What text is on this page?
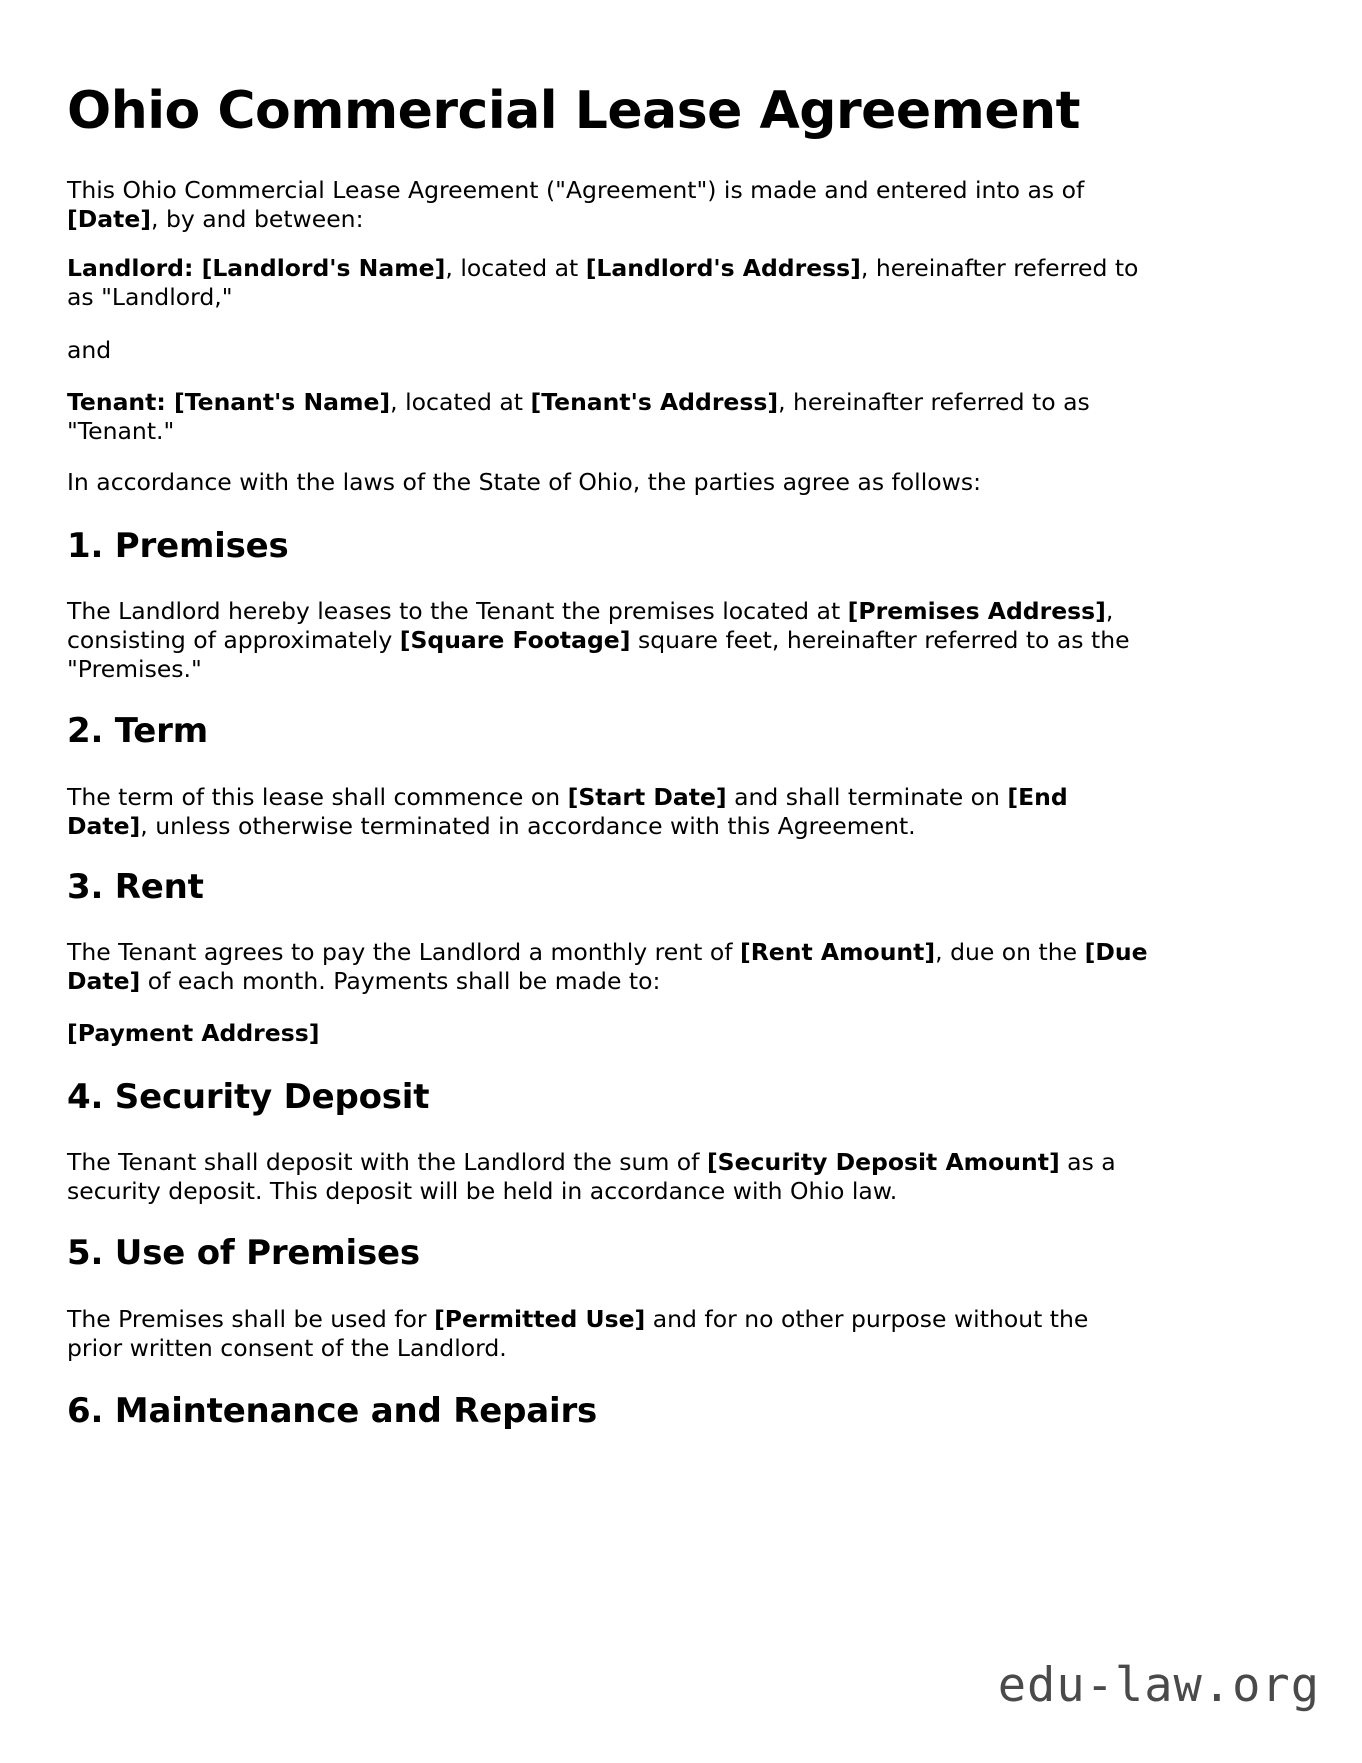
Ohio Commercial Lease Agreement

This Ohio Commercial Lease Agreement ("Agreement") is made and entered into as of [Date], by and between:

Landlord: [Landlord's Name], located at [Landlord's Address], hereinafter referred to as "Landlord,"

and

Tenant: [Tenant's Name], located at [Tenant's Address], hereinafter referred to as "Tenant."

In accordance with the laws of the State of Ohio, the parties agree as follows:

1. Premises

The Landlord hereby leases to the Tenant the premises located at [Premises Address], consisting of approximately [Square Footage] square feet, hereinafter referred to as the "Premises."

2. Term

The term of this lease shall commence on [Start Date] and shall terminate on [End Date], unless otherwise terminated in accordance with this Agreement.

3. Rent

The Tenant agrees to pay the Landlord a monthly rent of [Rent Amount], due on the [Due Date] of each month. Payments shall be made to:

[Payment Address]

4. Security Deposit

The Tenant shall deposit with the Landlord the sum of [Security Deposit Amount] as a security deposit. This deposit will be held in accordance with Ohio law.

5. Use of Premises

The Premises shall be used for [Permitted Use] and for no other purpose without the prior written consent of the Landlord.

6. Maintenance and Repairs
edu-law.org
